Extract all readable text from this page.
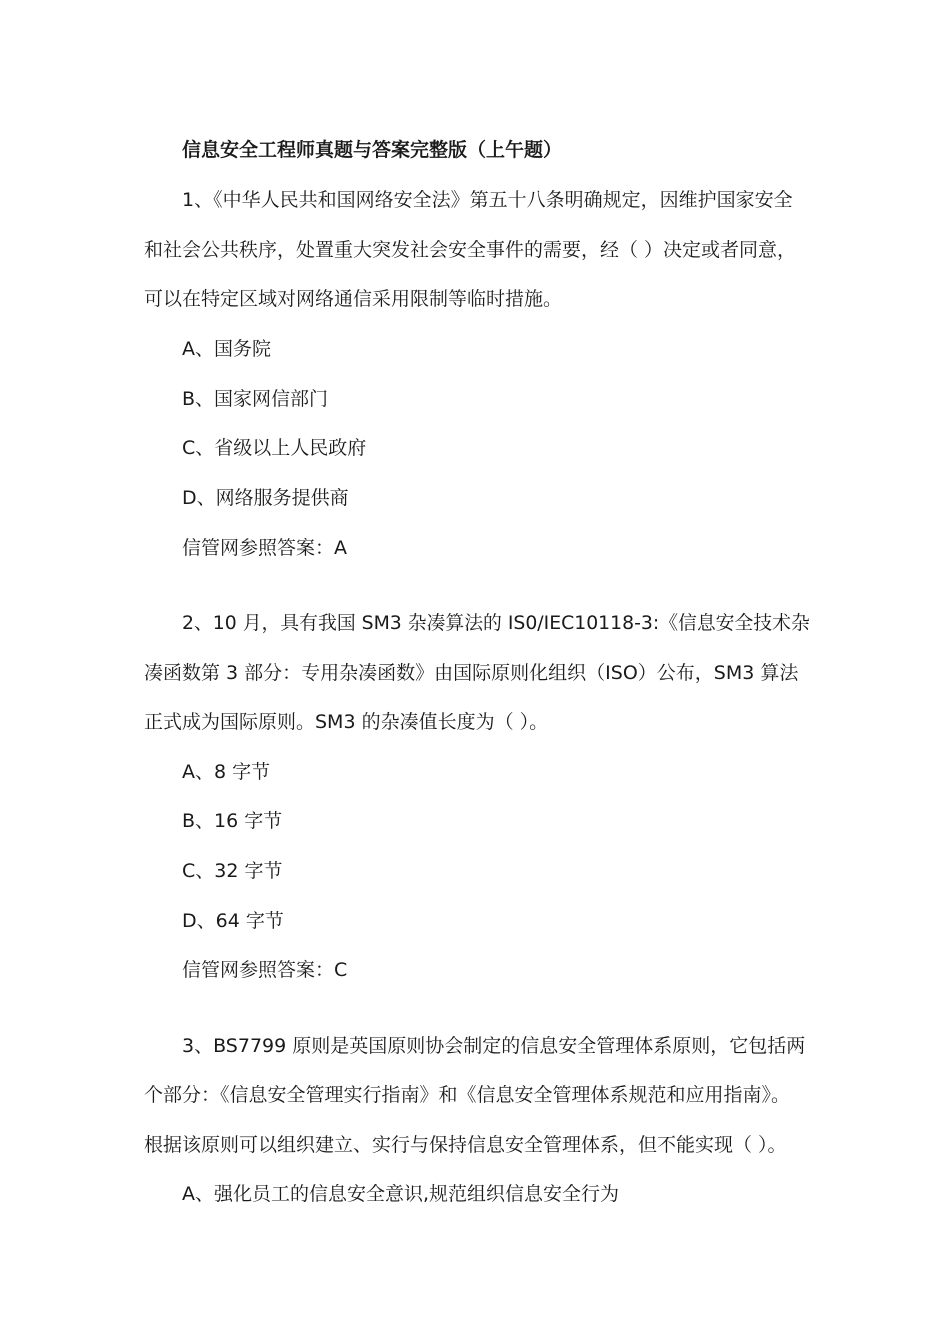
信息安全工程师真题与答案完整版（上午题）
1、《中华人民共和国网络安全法》第五十八条明确规定，因维护国家安全
和社会公共秩序，处置重大突发社会安全事件的需要，经（ ）决定或者同意，
可以在特定区域对网络通信采用限制等临时措施。
A、国务院
B、国家网信部门
C、省级以上人民政府
D、网络服务提供商
信管网参照答案：A
2、10 月，具有我国 SM3 杂凑算法的 IS0/IEC10118-3:《信息安全技术杂
凑函数第 3 部分：专用杂凑函数》由国际原则化组织（ISO）公布，SM3 算法
正式成为国际原则。SM3 的杂凑值长度为（ ）。
A、8 字节
B、16 字节
C、32 字节
D、64 字节
信管网参照答案：C
3、BS7799 原则是英国原则协会制定的信息安全管理体系原则，它包括两
个部分：《信息安全管理实行指南》和《信息安全管理体系规范和应用指南》。
根据该原则可以组织建立、实行与保持信息安全管理体系，但不能实现（ ）。
A、强化员工的信息安全意识,规范组织信息安全行为
